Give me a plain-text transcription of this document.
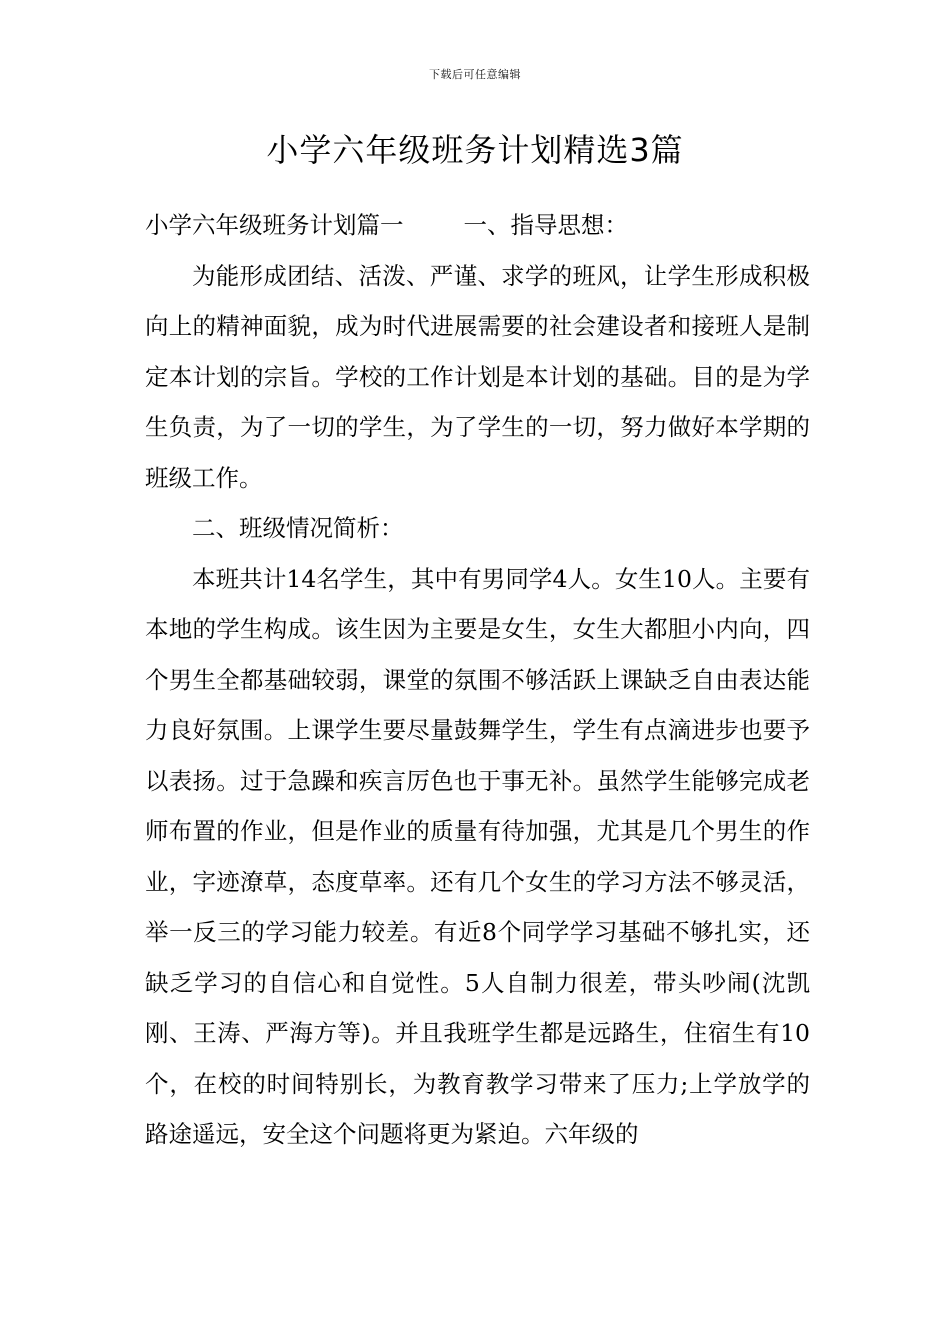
下载后可任意编辑
小学六年级班务计划精选3篇

小学六年级班务计划篇一	一、指导思想：

为能形成团结、活泼、严谨、求学的班风，让学生形成积极向上的精神面貌，成为时代进展需要的社会建设者和接班人是制定本计划的宗旨。学校的工作计划是本计划的基础。目的是为学生负责，为了一切的学生，为了学生的一切，努力做好本学期的班级工作。

二、班级情况简析：

本班共计14名学生，其中有男同学4人。女生10人。主要有本地的学生构成。该生因为主要是女生，女生大都胆小内向，四个男生全都基础较弱，课堂的氛围不够活跃上课缺乏自由表达能力良好氛围。上课学生要尽量鼓舞学生，学生有点滴进步也要予以表扬。过于急躁和疾言厉色也于事无补。虽然学生能够完成老师布置的作业，但是作业的质量有待加强，尤其是几个男生的作业，字迹潦草，态度草率。还有几个女生的学习方法不够灵活，举一反三的学习能力较差。有近8个同学学习基础不够扎实，还缺乏学习的自信心和自觉性。5人自制力很差，带头吵闹(沈凯刚、王涛、严海方等)。并且我班学生都是远路生，住宿生有10个，在校的时间特别长，为教育教学习带来了压力;上学放学的路途遥远，安全这个问题将更为紧迫。六年级的
